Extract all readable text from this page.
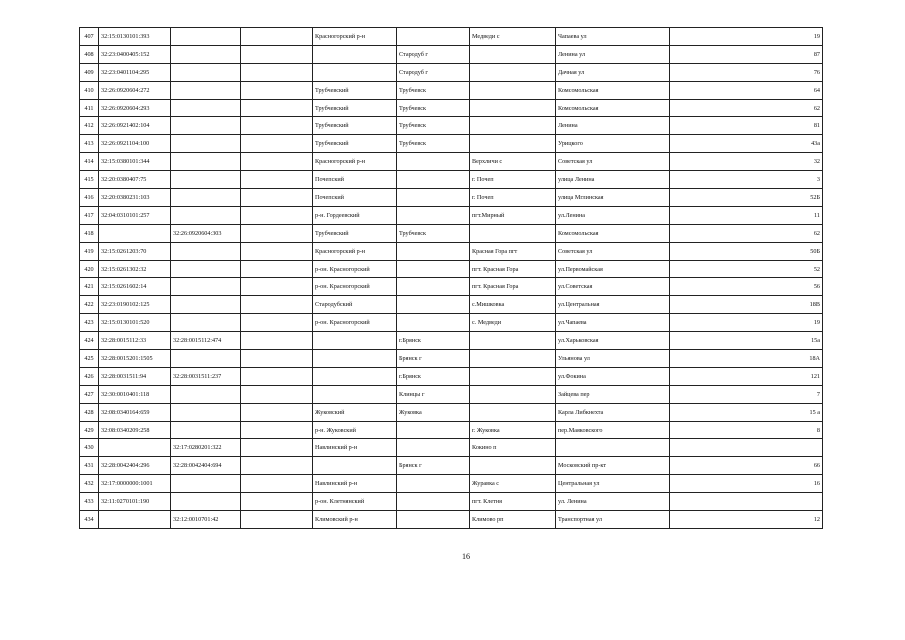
407	32:15:0130101:393			Красногорский р-н		Медведи с	Чапаева ул	19
408	32:23:0400405:152				Стародуб г		Ленина ул	87
409	32:23:0401104:295				Стародуб г		Дачная ул	76
410	32:26:0920604:272			Трубчевский	Трубчевск		Комсомольская	64
411	32:26:0920604:293			Трубчевский	Трубчевск		Комсомольская	62
412	32:26:0921402:104			Трубчевский	Трубчевск		Ленина	81
413	32:26:0921104:100			Трубчевский	Трубчевск		Урицкого	43а
414	32:15:0380101:344			Красногорский р-н		Верхличи с	Советская ул	32
415	32:20:0380407:75			Почепский		г. Почеп	улица Ленина	3
416	32:20:0380231:103			Почепский		г. Почеп	улица Мглинская	52Б
417	32:04:0310101:257			р-н. Гордеевский		пгт.Мирный	ул.Ленина	11
418		32:26:0920604:303		Трубчевский	Трубчевск		Комсомольская	62
419	32:15:0261203:70			Красногорский р-н		Красная Гора пгт	Советская ул	50Б
420	32:15:0261302:32			р-он. Красногорский		пгт. Красная Гора	ул.Первомайская	52
421	32:15:0261602:14			р-он. Красногорский		пгт. Красная Гора	ул.Советская	56
422	32:23:0190102:125			Стародубский		с.Мишковка	ул.Центральная	18В
423	32:15:0130101:520			р-он. Красногорский		с. Медведи	ул.Чапаева	19
424	32:28:0015112:33	32:28:0015112:474			г.Брянск		ул.Харьковская	15а
425	32:28:0015201:1505				Брянск г		Ульянова ул	18А
426	32:28:0031511:94	32:28:0031511:237			г.Брянск		ул.Фокина	121
427	32:30:0010401:118				Клинцы г		Зайцева пер	7
428	32:08:0340164:659			Жуковский	Жуковка		Карла Либкнехта	15 а
429	32:08:0340209:258			р-н. Жуковский		г. Жуковка	пер.Маяковского	8
430		32:17:0280201:322		Навлинский р-н		Кокино п		
431	32:28:0042404:296	32:28:0042404:694			Брянск г		Московский пр-кт	66
432	32:17:0000000:1001			Навлинский р-н		Журавка с	Центральная ул	16
433	32:11:0270101:190			р-он. Клетнянский		пгт. Клетня	ул. Ленина	
434		32:12:0010701:42		Климовский р-н		Климово рп	Транспортная ул	12
16
